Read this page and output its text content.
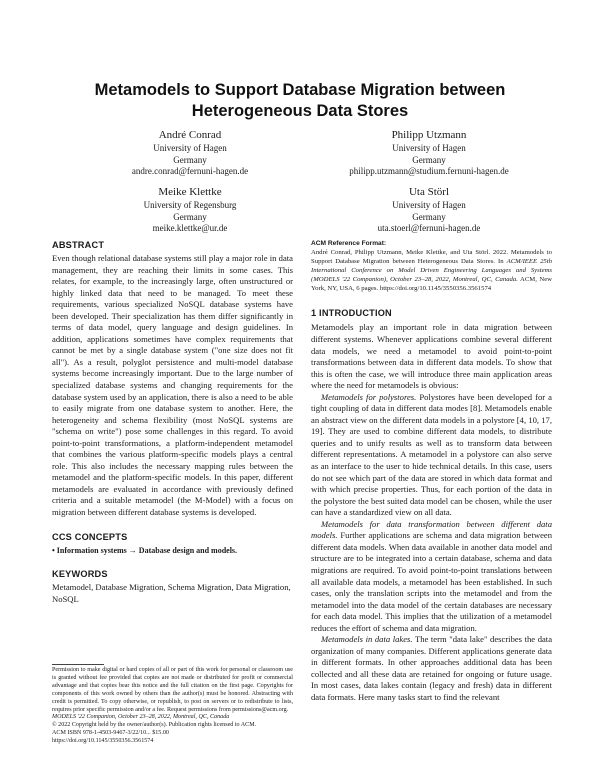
Metamodels to Support Database Migration between
Heterogeneous Data Stores
André Conrad
University of Hagen
Germany
andre.conrad@fernuni-hagen.de
Philipp Utzmann
University of Hagen
Germany
philipp.utzmann@studium.fernuni-hagen.de
Meike Klettke
University of Regensburg
Germany
meike.klettke@ur.de
Uta Störl
University of Hagen
Germany
uta.stoerl@fernuni-hagen.de
ABSTRACT

Even though relational database systems still play a major role in data management, they are reaching their limits in some cases. This relates, for example, to the increasingly large, often unstructured or highly linked data that need to be managed. To meet these requirements, various specialized NoSQL database systems have been developed. Their specialization has them differ significantly in terms of data model, query language and design guidelines. In addition, applications sometimes have complex requirements that cannot be met by a single database system ("one size does not fit all"). As a result, polyglot persistence and multi-model database systems become increasingly important. Due to the large number of specialized database systems and changing requirements for the database system used by an application, there is also a need to be able to easily migrate from one database system to another. Here, the heterogeneity and schema flexibility (most NoSQL systems are "schema on write") pose some challenges in this regard. To avoid point-to-point transformations, a platform-independent metamodel that combines the various platform-specific models plays a central role. This also includes the necessary mapping rules between the metamodel and the platform-specific models. In this paper, different metamodels are evaluated in accordance with previously defined criteria and a suitable metamodel (the M-Model) with a focus on migration between different database systems is developed.

CCS CONCEPTS

• Information systems → Database design and models.

KEYWORDS

Metamodel, Database Migration, Schema Migration, Data Migration, NoSQL

Permission to make digital or hard copies of all or part of this work for personal or classroom use is granted without fee provided that copies are not made or distributed for profit or commercial advantage and that copies bear this notice and the full citation on the first page. Copyrights for components of this work owned by others than the author(s) must be honored. Abstracting with credit is permitted. To copy otherwise, or republish, to post on servers or to redistribute to lists, requires prior specific permission and/or a fee. Request permissions from permissions@acm.org.

MODELS '22 Companion, October 23–28, 2022, Montreal, QC, Canada

© 2022 Copyright held by the owner/author(s). Publication rights licensed to ACM.

ACM ISBN 978-1-4503-9467-3/22/10... $15.00

https://doi.org/10.1145/3550356.3561574

ACM Reference Format:

André Conrad, Philipp Utzmann, Meike Klettke, and Uta Störl. 2022. Metamodels to Support Database Migration between Heterogeneous Data Stores. In ACM/IEEE 25th International Conference on Model Driven Engineering Languages and Systems (MODELS '22 Companion), October 23–28, 2022, Montreal, QC, Canada. ACM, New York, NY, USA, 6 pages. https://doi.org/10.1145/3550356.3561574

1 INTRODUCTION

Metamodels play an important role in data migration between different systems. Whenever applications combine several different data models, we need a metamodel to avoid point-to-point transformations between data in different data models. To show that this is often the case, we will introduce three main application areas where the need for metamodels is obvious:

Metamodels for polystores. Polystores have been developed for a tight coupling of data in different data modes [8]. Metamodels enable an abstract view on the different data models in a polystore [4, 10, 17, 19]. They are used to combine different data models, to distribute queries and to unify results as well as to transform data between different representations. A metamodel in a polystore can also serve as an interface to the user to hide technical details. In this case, users do not see which part of the data are stored in which data format and with which precise properties. Thus, for each portion of the data in the polystore the best suited data model can be chosen, while the user can have a standardized view on all data.

Metamodels for data transformation between different data models. Further applications are schema and data migration between different data models. When data available in another data model and structure are to be integrated into a certain database, schema and data migrations are required. To avoid point-to-point translations between all available data models, a metamodel has been established. In such cases, only the translation scripts into the metamodel and from the metamodel into the data model of the certain databases are necessary for each data model. This implies that the utilization of a metamodel reduces the effort of schema and data migration.

Metamodels in data lakes. The term "data lake" describes the data organization of many companies. Different applications generate data in different formats. In other approaches additional data has been collected and all these data are retained for ongoing or future usage. In most cases, data lakes contain (legacy and fresh) data in different data formats. Here many tasks start to find the relevant
